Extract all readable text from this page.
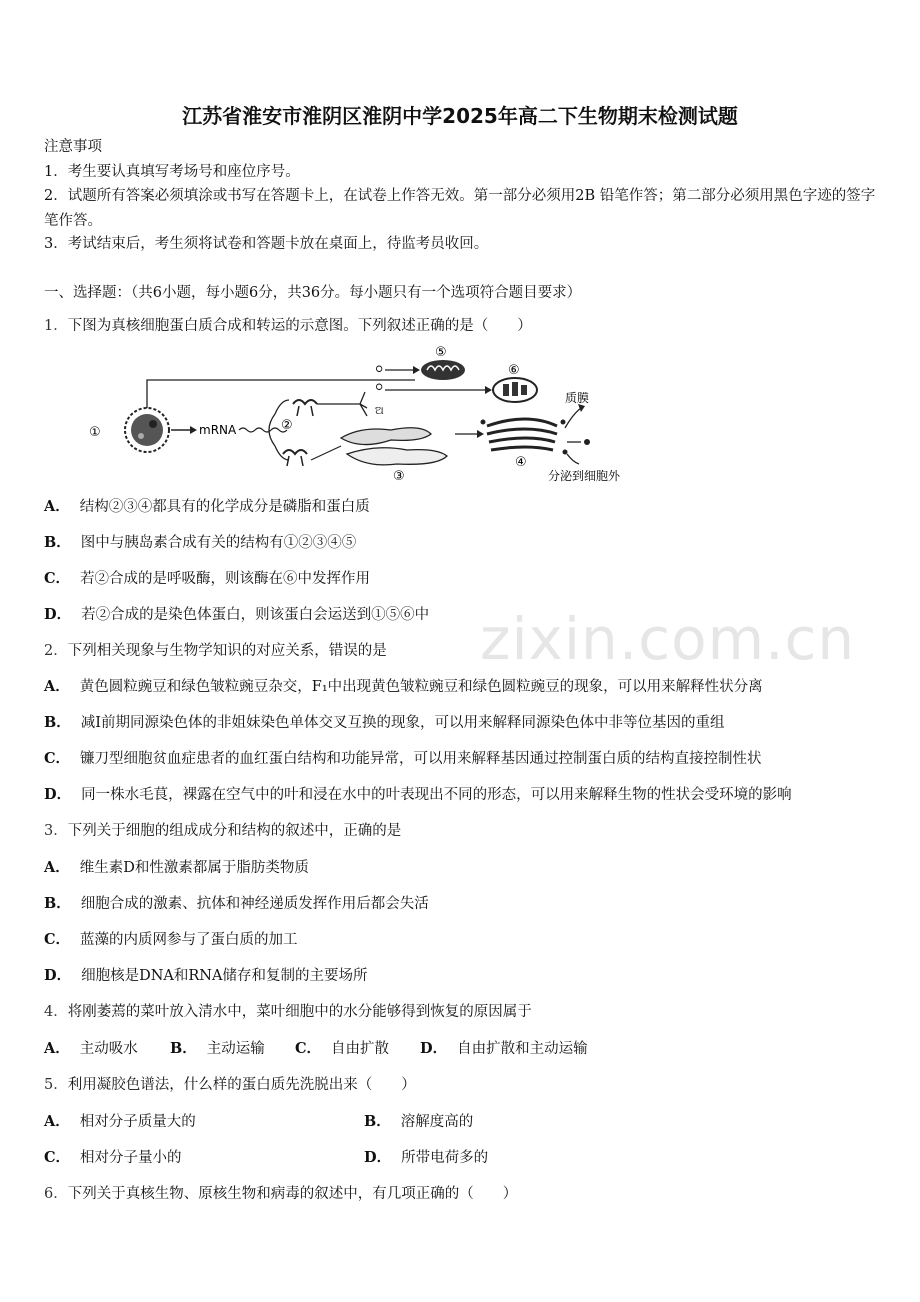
zixin.com.cn
江苏省淮安市淮阴区淮阴中学2025年高二下生物期末检测试题
注意事项
1．考生要认真填写考场号和座位序号。
2．试题所有答案必须填涂或书写在答题卡上，在试卷上作答无效。第一部分必须用2B 铅笔作答；第二部分必须用黑色字迹的签字笔作答。
3．考试结束后，考生须将试卷和答题卡放在桌面上，待监考员收回。
一、选择题：（共6小题，每小题6分，共36分。每小题只有一个选项符合题目要求）
1．下图为真核细胞蛋白质合成和转运的示意图。下列叙述正确的是（　　）
①	mRNA	②
ഠ
ഠ
ଅ
⑤
⑥
③
④
质膜
分泌到细胞外
A． 结构②③④都具有的化学成分是磷脂和蛋白质
B． 图中与胰岛素合成有关的结构有①②③④⑤
C． 若②合成的是呼吸酶，则该酶在⑥中发挥作用
D． 若②合成的是染色体蛋白，则该蛋白会运送到①⑤⑥中
2．下列相关现象与生物学知识的对应关系，错误的是
A． 黄色圆粒豌豆和绿色皱粒豌豆杂交，F₁中出现黄色皱粒豌豆和绿色圆粒豌豆的现象，可以用来解释性状分离
B． 减I前期同源染色体的非姐妹染色单体交叉互换的现象，可以用来解释同源染色体中非等位基因的重组
C． 镰刀型细胞贫血症患者的血红蛋白结构和功能异常，可以用来解释基因通过控制蛋白质的结构直接控制性状
D． 同一株水毛茛，裸露在空气中的叶和浸在水中的叶表现出不同的形态，可以用来解释生物的性状会受环境的影响
3．下列关于细胞的组成成分和结构的叙述中，正确的是
A． 维生素D和性激素都属于脂肪类物质
B． 细胞合成的激素、抗体和神经递质发挥作用后都会失活
C． 蓝藻的内质网参与了蛋白质的加工
D． 细胞核是DNA和RNA储存和复制的主要场所
4．将刚萎蔫的菜叶放入清水中，菜叶细胞中的水分能够得到恢复的原因属于
A． 主动吸水 B． 主动运输 C． 自由扩散 D． 自由扩散和主动运输
5．利用凝胶色谱法，什么样的蛋白质先洗脱出来（　　）
A． 相对分子质量大的	B． 溶解度高的
C． 相对分子量小的	D． 所带电荷多的
6．下列关于真核生物、原核生物和病毒的叙述中，有几项正确的（　　）
